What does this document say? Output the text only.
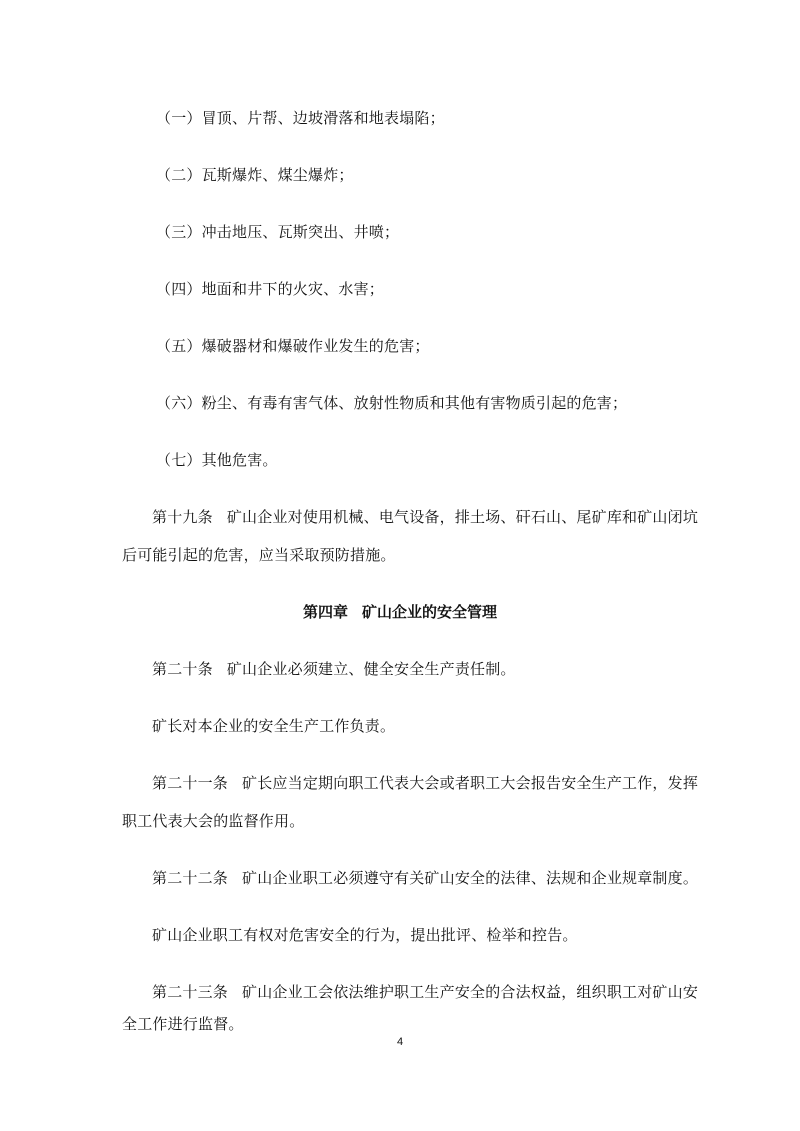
（一）冒顶、片帮、边坡滑落和地表塌陷；
（二）瓦斯爆炸、煤尘爆炸；
（三）冲击地压、瓦斯突出、井喷；
（四）地面和井下的火灾、水害；
（五）爆破器材和爆破作业发生的危害；
（六）粉尘、有毒有害气体、放射性物质和其他有害物质引起的危害；
（七）其他危害。
第十九条 矿山企业对使用机械、电气设备，排土场、矸石山、尾矿库和矿山闭坑
后可能引起的危害，应当采取预防措施。
第四章 矿山企业的安全管理
第二十条 矿山企业必须建立、健全安全生产责任制。
矿长对本企业的安全生产工作负责。
第二十一条 矿长应当定期向职工代表大会或者职工大会报告安全生产工作，发挥
职工代表大会的监督作用。
第二十二条 矿山企业职工必须遵守有关矿山安全的法律、法规和企业规章制度。
矿山企业职工有权对危害安全的行为，提出批评、检举和控告。
第二十三条 矿山企业工会依法维护职工生产安全的合法权益，组织职工对矿山安
全工作进行监督。
4
